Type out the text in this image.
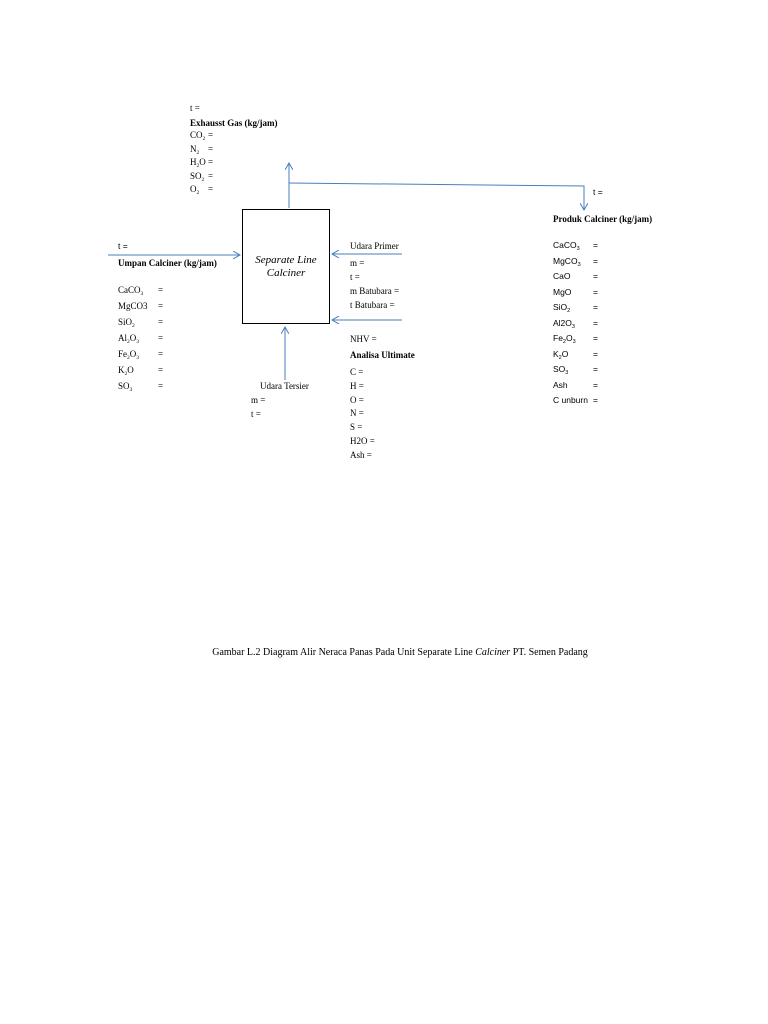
Separate Line
Calciner
t =
Exhausst Gas (kg/jam)
$CO_2$ =
$N_2$ =
$H_2O$ =
$SO_2$ =
$O_2$ =
t =
Umpan Calciner (kg/jam)
CaCO$_3$ =
MgCO3 =
SiO$_2$	=
$Al_2O_3$ =
$Fe_2O_3$ =
$K_2O$	=
$SO_3$	=
Udara Primer
m =
t =
m Batubara =
t Batubara =
NHV =
Analisa Ultimate
C =
H =
O =
N =
S =
H2O =
Ash =
Udara Tersier
m =
t =
t =
Produk Calciner (kg/jam)
CaCO$_3$ =
MgCO$_3$ =
CaO	=
MgO	=
SiO$_2$	=
$Al2O_3$ =
$Fe_2O_3$ =
$K_2O$	=
$SO_3$	=
Ash	=
C unburn =
Gambar L.2 Diagram Alir Neraca Panas Pada Unit Separate Line Calciner PT. Semen Padang
